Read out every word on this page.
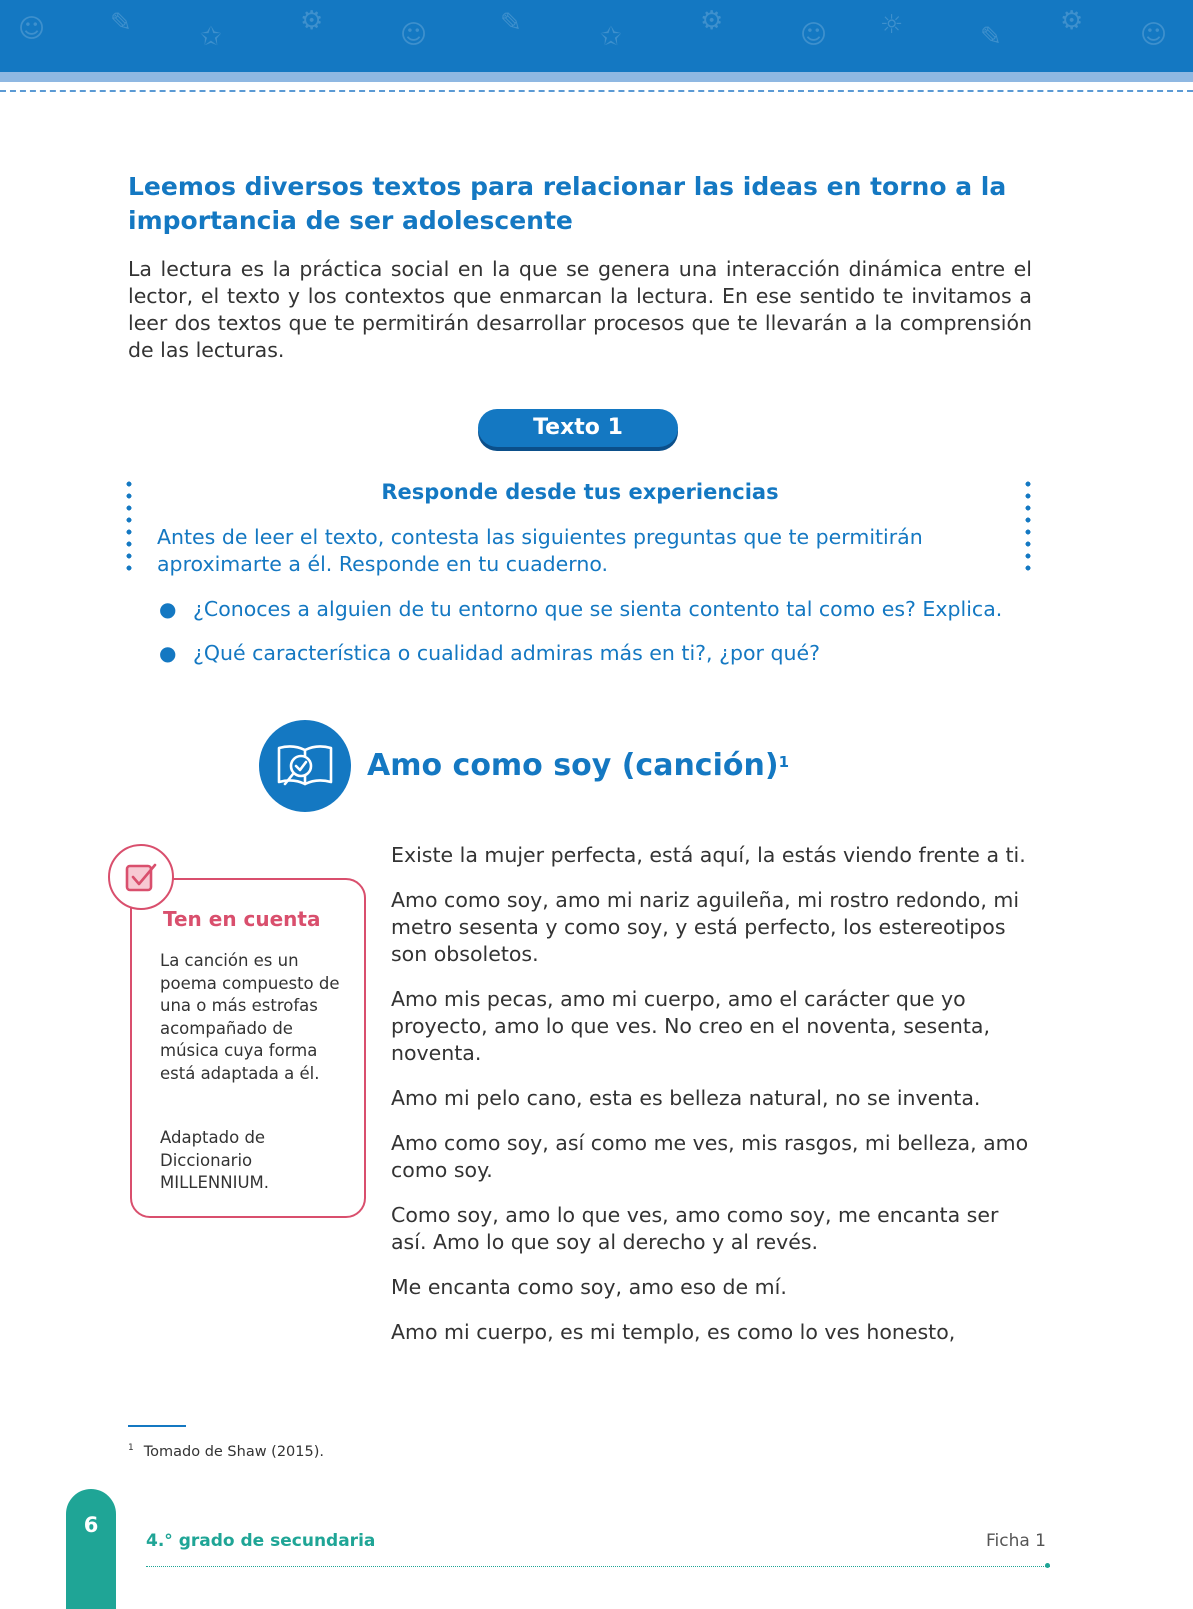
☺ ✎	✩
⚙	☺	✎	✩
⚙	☺ ☼	✎
⚙ ☺
Leemos diversos textos para relacionar las ideas en torno a la importancia de ser adolescente

La lectura es la práctica social en la que se genera una interacción dinámica entre el lector, el texto y los contextos que enmarcan la lectura. En ese sentido te invitamos a leer dos textos que te permitirán desarrollar procesos que te llevarán a la comprensión de las lecturas.

Texto 1
Responde desde tus experiencias

Antes de leer el texto, contesta las siguientes preguntas que te permitirán aproximarte a él. Responde en tu cuaderno.

● ¿Conoces a alguien de tu entorno que se sienta contento tal como es? Explica.
● ¿Qué característica o cualidad admiras más en ti?, ¿por qué?
Amo como soy (canción)$^1$
Ten en cuenta

La canción es un poema compuesto de una o más estrofas acompañado de música cuya forma está adaptada a él.

Adaptado de Diccionario MILLENNIUM.

Existe la mujer perfecta, está aquí, la estás viendo frente a ti.

Amo como soy, amo mi nariz aguileña, mi rostro redondo, mi metro sesenta y como soy, y está perfecto, los estereotipos son obsoletos.

Amo mis pecas, amo mi cuerpo, amo el carácter que yo proyecto, amo lo que ves. No creo en el noventa, sesenta, noventa.

Amo mi pelo cano, esta es belleza natural, no se inventa.

Amo como soy, así como me ves, mis rasgos, mi belleza, amo como soy.

Como soy, amo lo que ves, amo como soy, me encanta ser así. Amo lo que soy al derecho y al revés.

Me encanta como soy, amo eso de mí.

Amo mi cuerpo, es mi templo, es como lo ves honesto,

$^1$ Tomado de Shaw (2015).
6
4.° grado de secundaria	Ficha 1
